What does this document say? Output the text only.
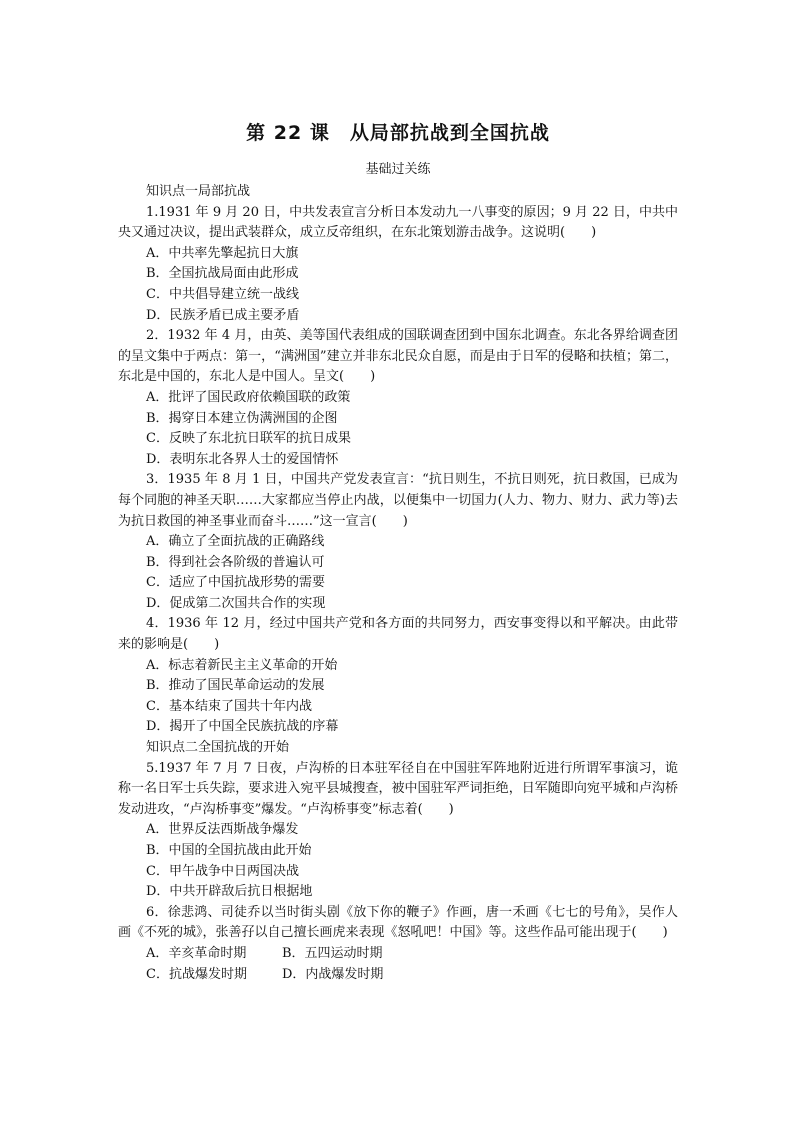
第 22 课　从局部抗战到全国抗战

基础过关练

知识点一局部抗战

1.1931 年 9 月 20 日，中共发表宣言分析日本发动九一八事变的原因；9 月 22 日，中共中央又通过决议，提出武装群众，成立反帝组织，在东北策划游击战争。这说明(　　)

A．中共率先擎起抗日大旗

B．全国抗战局面由此形成

C．中共倡导建立统一战线

D．民族矛盾已成主要矛盾

2．1932 年 4 月，由英、美等国代表组成的国联调查团到中国东北调查。东北各界给调查团的呈文集中于两点：第一，“满洲国”建立并非东北民众自愿，而是由于日军的侵略和扶植；第二，东北是中国的，东北人是中国人。呈文(　　)

A．批评了国民政府依赖国联的政策

B．揭穿日本建立伪满洲国的企图

C．反映了东北抗日联军的抗日成果

D．表明东北各界人士的爱国情怀

3．1935 年 8 月 1 日，中国共产党发表宣言：“抗日则生，不抗日则死，抗日救国，已成为每个同胞的神圣天职……大家都应当停止内战，以便集中一切国力(人力、物力、财力、武力等)去为抗日救国的神圣事业而奋斗……”这一宣言(　　)

A．确立了全面抗战的正确路线

B．得到社会各阶级的普遍认可

C．适应了中国抗战形势的需要

D．促成第二次国共合作的实现

4．1936 年 12 月，经过中国共产党和各方面的共同努力，西安事变得以和平解决。由此带来的影响是(　　)

A．标志着新民主主义革命的开始

B．推动了国民革命运动的发展

C．基本结束了国共十年内战

D．揭开了中国全民族抗战的序幕

知识点二全国抗战的开始

5.1937 年 7 月 7 日夜，卢沟桥的日本驻军径自在中国驻军阵地附近进行所谓军事演习，诡称一名日军士兵失踪，要求进入宛平县城搜查，被中国驻军严词拒绝，日军随即向宛平城和卢沟桥发动进攻，“卢沟桥事变”爆发。“卢沟桥事变”标志着(　　)

A．世界反法西斯战争爆发

B．中国的全国抗战由此开始

C．甲午战争中日两国决战

D．中共开辟敌后抗日根据地

6．徐悲鸿、司徒乔以当时街头剧《放下你的鞭子》作画，唐一禾画《七七的号角》，吴作人画《不死的城》，张善孖以自己擅长画虎来表现《怒吼吧！中国》等。这些作品可能出现于(　　)

A．辛亥革命时期	B．五四运动时期
C．抗战爆发时期	D．内战爆发时期
